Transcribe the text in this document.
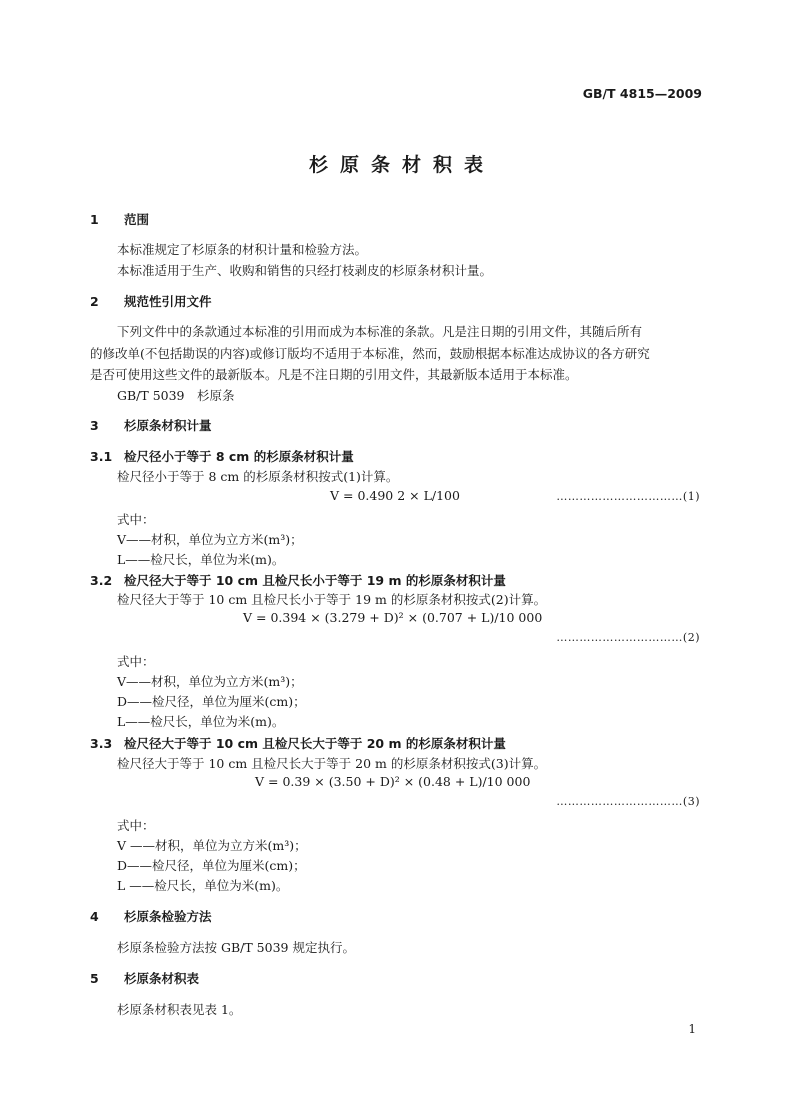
GB/T 4815—2009
杉原条材积表
1 范围
本标准规定了杉原条的材积计量和检验方法。
本标准适用于生产、收购和销售的只经打枝剥皮的杉原条材积计量。
2 规范性引用文件
下列文件中的条款通过本标准的引用而成为本标准的条款。凡是注日期的引用文件，其随后所有
的修改单(不包括勘误的内容)或修订版均不适用于本标准，然而，鼓励根据本标准达成协议的各方研究
是否可使用这些文件的最新版本。凡是不注日期的引用文件，其最新版本适用于本标准。
GB/T 5039　杉原条
3 杉原条材积计量
3.1 检尺径小于等于 8 cm 的杉原条材积计量
检尺径小于等于 8 cm 的杉原条材积按式(1)计算。
V = 0.490 2 × L/100	……………………………(1)
式中：
V——材积，单位为立方米(m³)；
L——检尺长，单位为米(m)。
3.2 检尺径大于等于 10 cm 且检尺长小于等于 19 m 的杉原条材积计量
检尺径大于等于 10 cm 且检尺长小于等于 19 m 的杉原条材积按式(2)计算。
V = 0.394 × (3.279 + D)² × (0.707 + L)/10 000
……………………………(2)
式中：
V——材积，单位为立方米(m³)；
D——检尺径，单位为厘米(cm)；
L——检尺长，单位为米(m)。
3.3 检尺径大于等于 10 cm 且检尺长大于等于 20 m 的杉原条材积计量
检尺径大于等于 10 cm 且检尺长大于等于 20 m 的杉原条材积按式(3)计算。
V = 0.39 × (3.50 + D)² × (0.48 + L)/10 000
……………………………(3)
式中：
V ——材积，单位为立方米(m³)；
D——检尺径，单位为厘米(cm)；
L ——检尺长，单位为米(m)。
4 杉原条检验方法
杉原条检验方法按 GB/T 5039 规定执行。
5 杉原条材积表
杉原条材积表见表 1。
1
